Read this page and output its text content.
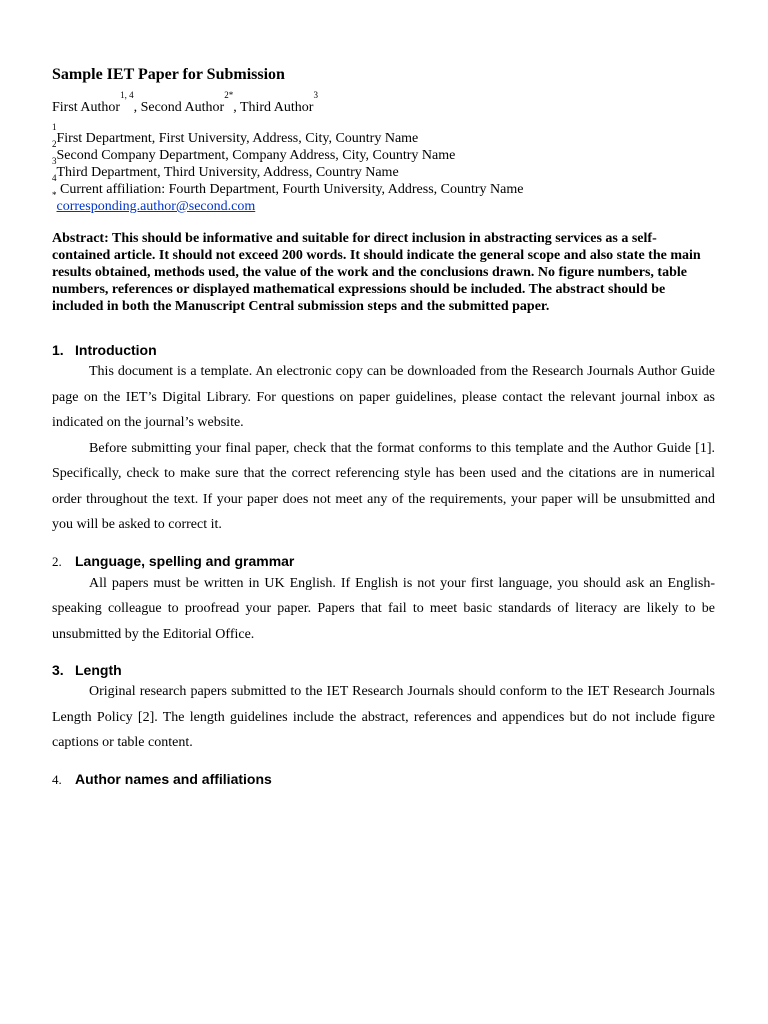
Sample IET Paper for Submission
First Author$^{1, 4}$, Second Author$^{2*}$, Third Author$^3$
$^1$First Department, First University, Address, City, Country Name
$^2$Second Company Department, Company Address, City, Country Name
$^3$Third Department, Third University, Address, Country Name
$^4$ Current affiliation: Fourth Department, Fourth University, Address, Country Name
*corresponding.author@second.com

Abstract: This should be informative and suitable for direct inclusion in abstracting services as a self-contained article. It should not exceed 200 words. It should indicate the general scope and also state the main results obtained, methods used, the value of the work and the conclusions drawn. No figure numbers, table numbers, references or displayed mathematical expressions should be included. The abstract should be included in both the Manuscript Central submission steps and the submitted paper.

1. Introduction

This document is a template. An electronic copy can be downloaded from the Research Journals Author Guide page on the IET’s Digital Library. For questions on paper guidelines, please contact the relevant journal inbox as indicated on the journal’s website.

Before submitting your final paper, check that the format conforms to this template and the Author Guide [1]. Specifically, check to make sure that the correct referencing style has been used and the citations are in numerical order throughout the text. If your paper does not meet any of the requirements, your paper will be unsubmitted and you will be asked to correct it.

2. Language, spelling and grammar

All papers must be written in UK English. If English is not your first language, you should ask an English-speaking colleague to proofread your paper. Papers that fail to meet basic standards of literacy are likely to be unsubmitted by the Editorial Office.

3. Length

Original research papers submitted to the IET Research Journals should conform to the IET Research Journals Length Policy [2]. The length guidelines include the abstract, references and appendices but do not include figure captions or table content.

4. Author names and affiliations
